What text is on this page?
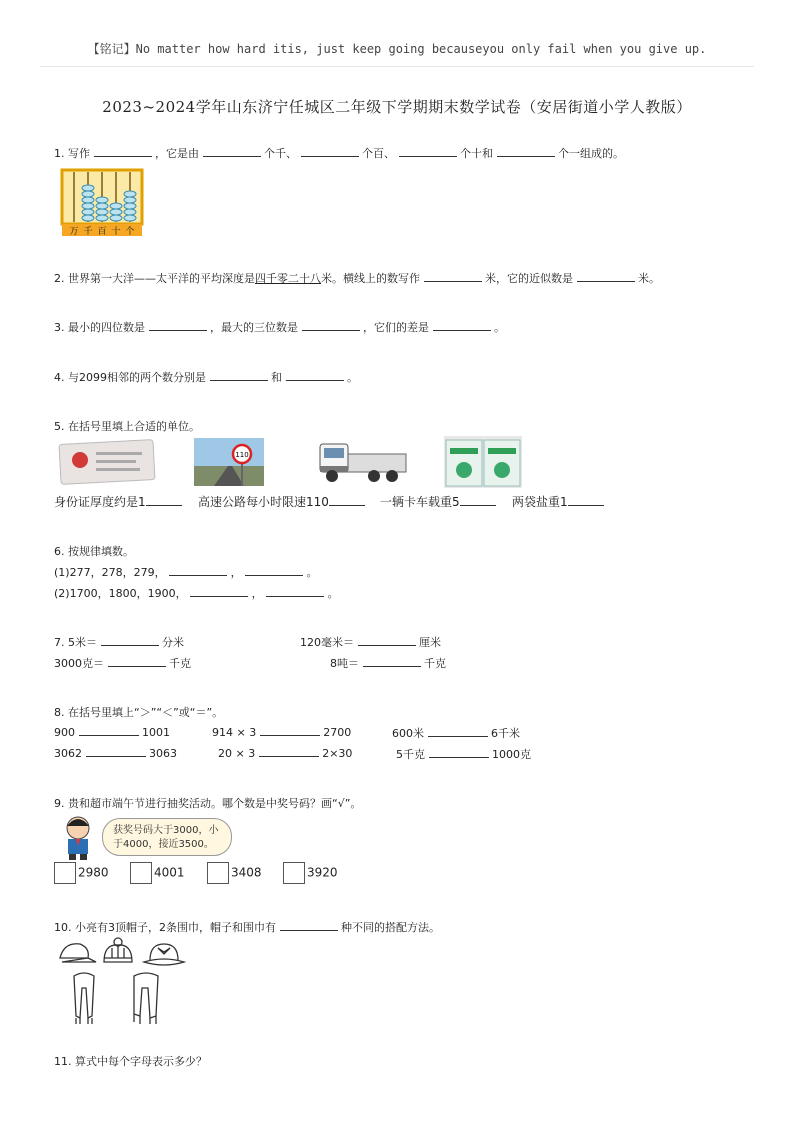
【铭记】No matter how hard itis, just keep going becauseyou only fail when you give up.
2023~2024学年山东济宁任城区二年级下学期期末数学试卷（安居街道小学人教版）
1. 写作	，它是由	个千、	个百、	个十和	个一组成的。
万 千 百 十 个
2. 世界第一大洋——太平洋的平均深度是四千零二十八米。横线上的数写作	米，它的近似数是	米。
3. 最小的四位数是	，最大的三位数是	，它们的差是	。
4. 与2099相邻的两个数分别是	和	。
5. 在括号里填上合适的单位。
110
身份证厚度约是1	高速公路每小时限速110	一辆卡车载重5	两袋盐重1
6. 按规律填数。
(1)277，278，279，	，	。
(2)1700，1800，1900，	，	。
7. 5米＝	分米	120毫米＝	厘米
3000克＝	千克	8吨＝	千克
8. 在括号里填上“＞”“＜”或“＝”。
900	1001	914 × 3	2700	600米	6千米
3062	3063	20 × 3	2×30	5千克	1000克
9. 贵和超市端午节进行抽奖活动。哪个数是中奖号码？画“√”。
获奖号码大于3000，小
于4000，接近3500。
2980	4001	3408	3920
10. 小亮有3顶帽子，2条围巾，帽子和围巾有	种不同的搭配方法。
11. 算式中每个字母表示多少？
